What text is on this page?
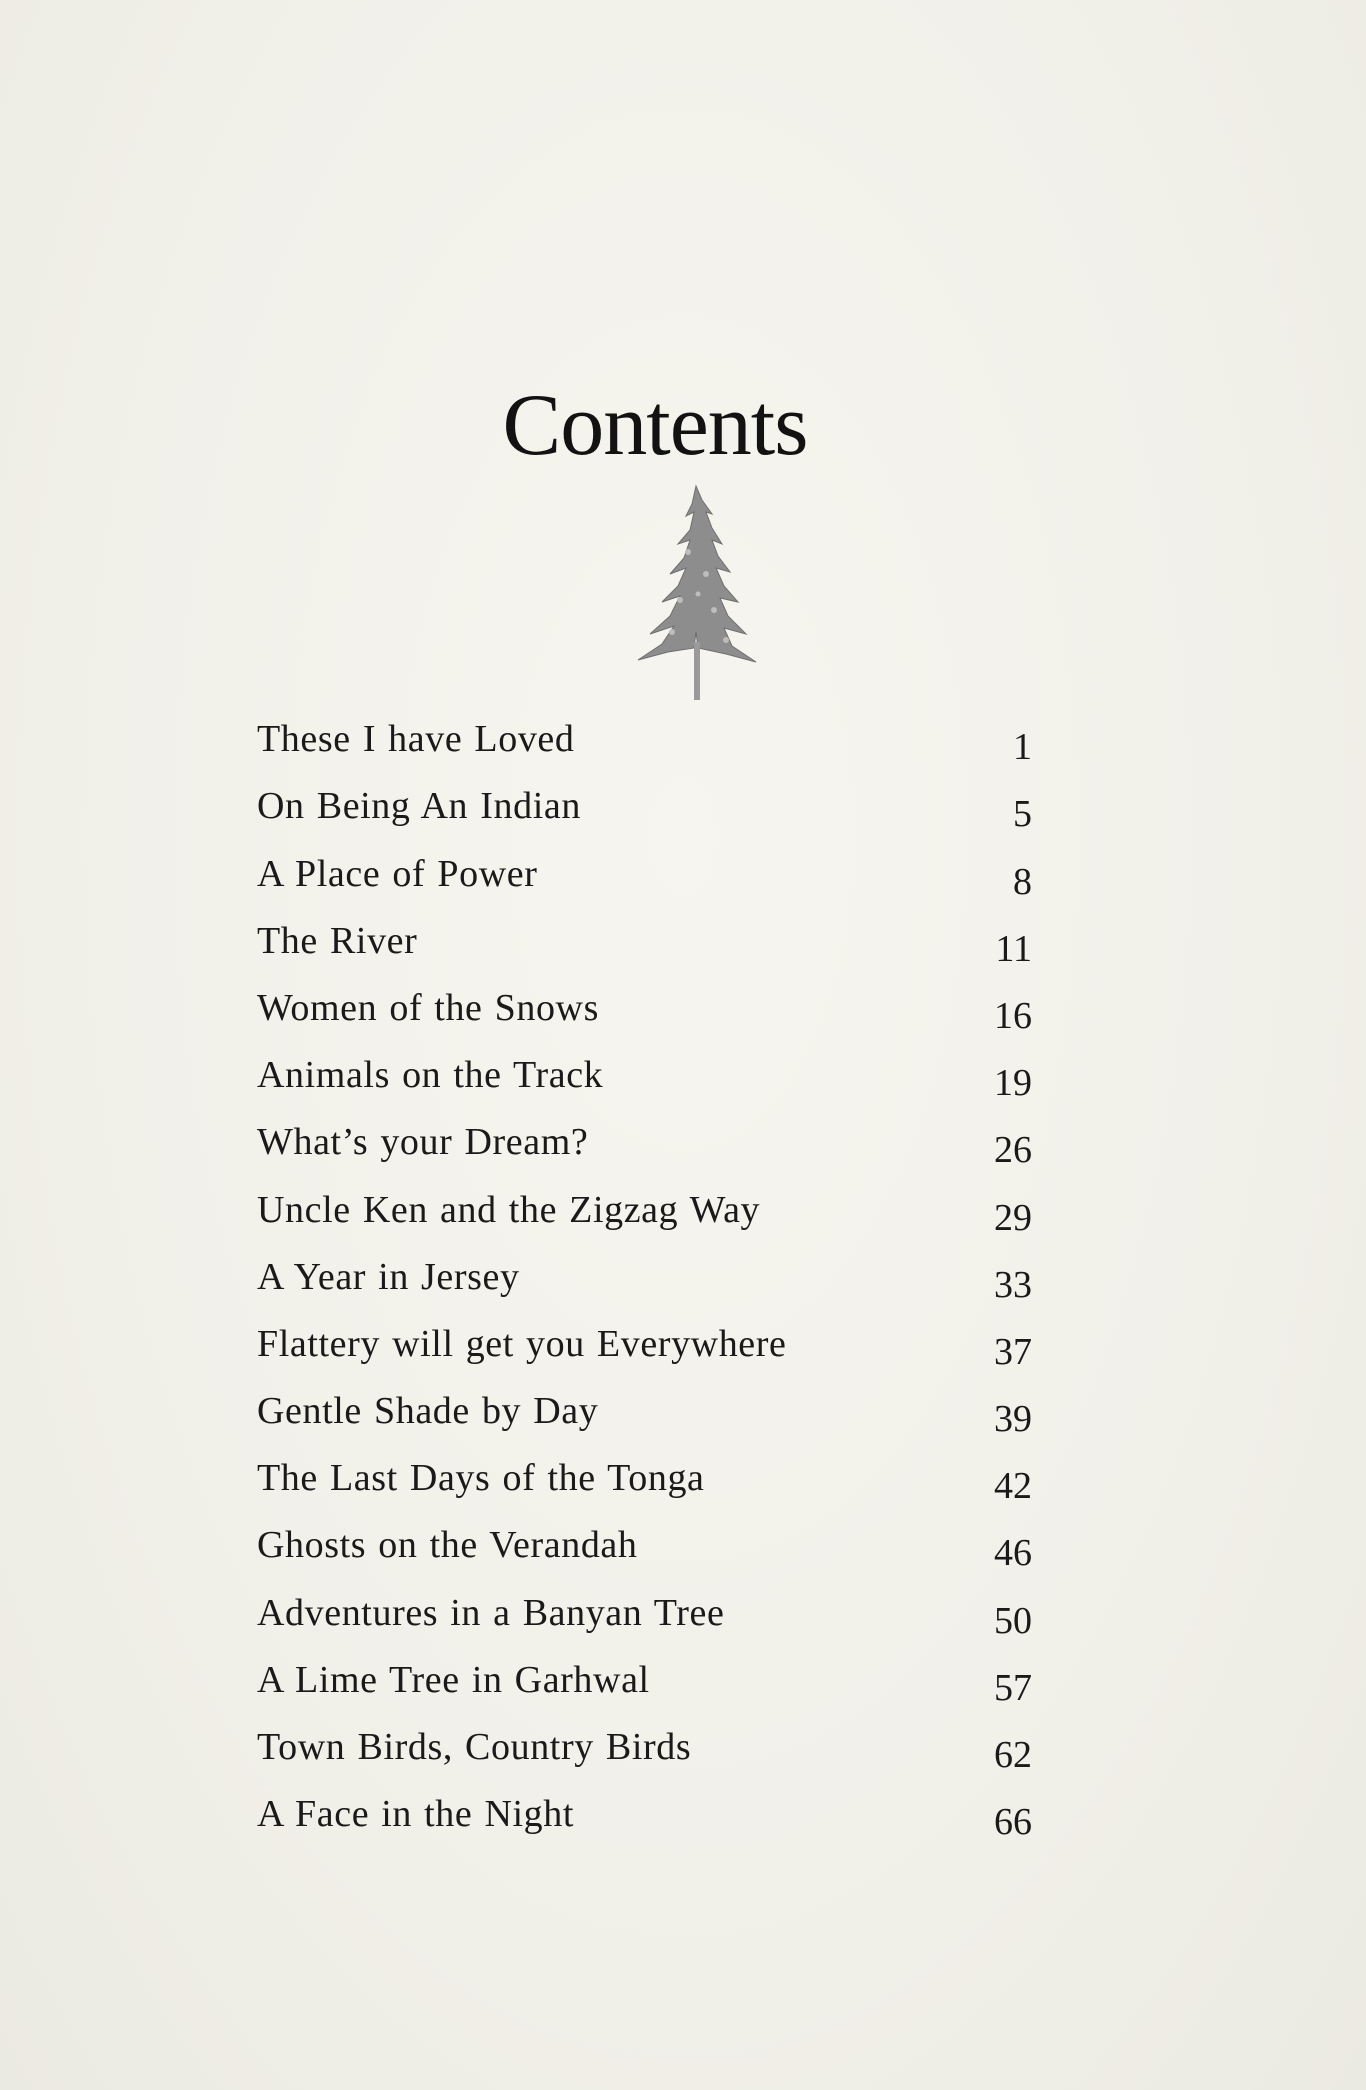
Contents
These I have Loved	1
On Being An Indian	5
A Place of Power	8
The River	11
Women of the Snows	16
Animals on the Track	19
What’s your Dream?	26
Uncle Ken and the Zigzag Way	29
A Year in Jersey	33
Flattery will get you Everywhere	37
Gentle Shade by Day	39
The Last Days of the Tonga	42
Ghosts on the Verandah	46
Adventures in a Banyan Tree	50
A Lime Tree in Garhwal	57
Town Birds, Country Birds	62
A Face in the Night	66
